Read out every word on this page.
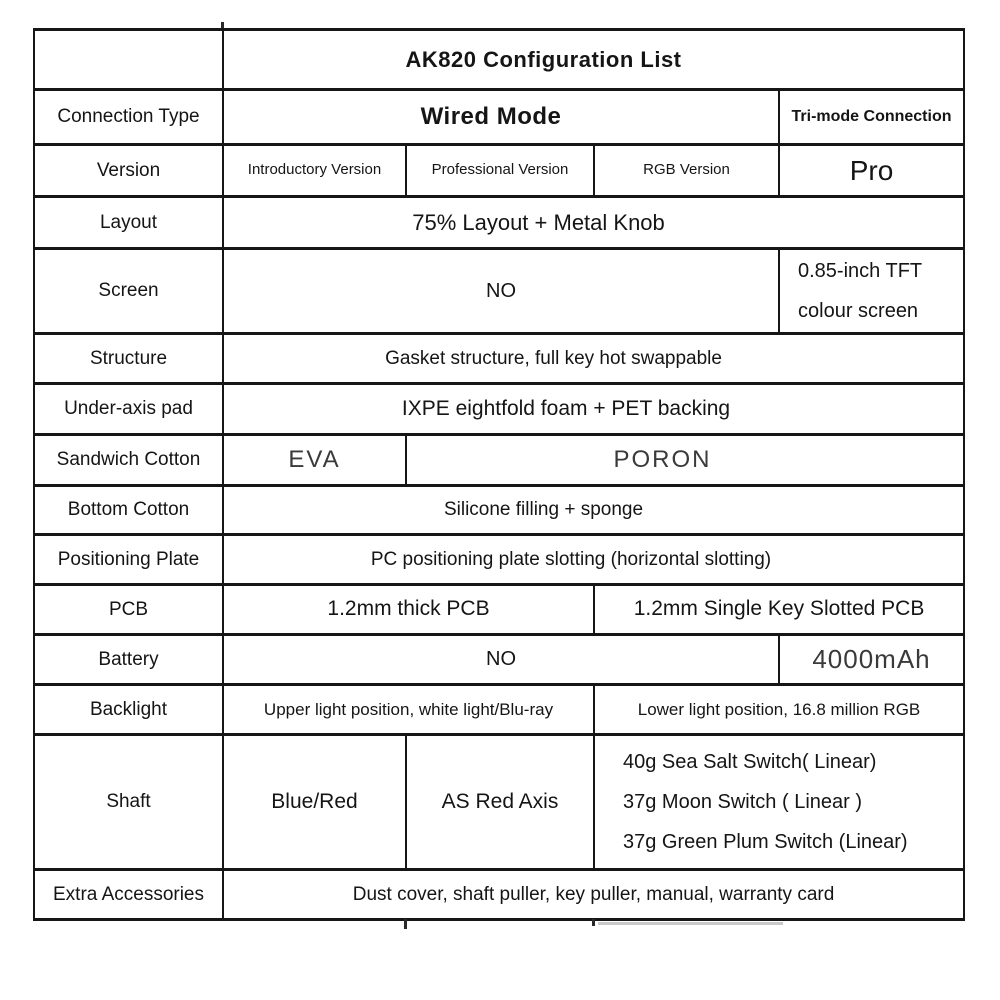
	AK820 Configuration List			
Connection Type	Wired Mode			Tri-mode Connection
Version	Introductory Version	Professional Version	RGB Version	Pro
Layout	75% Layout + Metal Knob			
Screen	NO			0.85-inch TFT
colour screen

Structure	Gasket structure, full key hot swappable			
Under-axis pad	IXPE eightfold foam + PET backing			
Sandwich Cotton	EVA	PORON		
Bottom Cotton	Silicone filling + sponge			
Positioning Plate	PC positioning plate slotting (horizontal slotting)			
PCB	1.2mm thick PCB		1.2mm Single Key Slotted PCB	
Battery	NO			4000mAh
Backlight	Upper light position, white light/Blu-ray		Lower light position, 16.8 million RGB	
Shaft	Blue/Red	AS Red Axis	40g Sea Salt Switch( Linear)
37g Moon Switch ( Linear )
37g Green Plum Switch (Linear)	

Extra Accessories	Dust cover, shaft puller, key puller, manual, warranty card			
